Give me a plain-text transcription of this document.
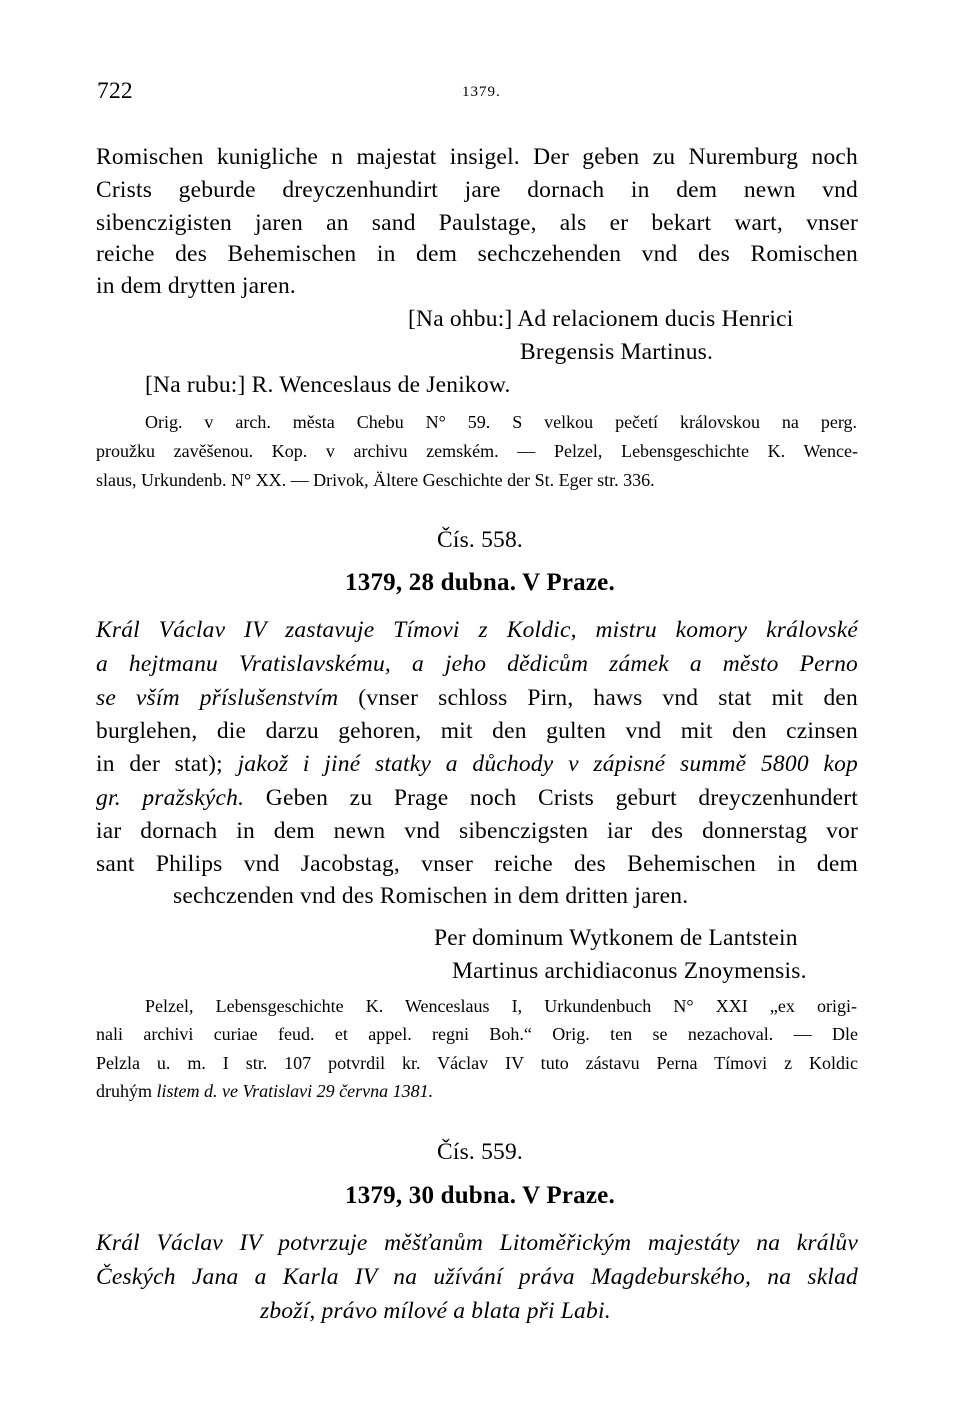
722	1379.
Romischen kunigliche n majestat insigel. Der geben zu Nuremburg noch
Crists geburde dreyczenhundirt jare dornach in dem newn vnd
sibenczigisten jaren an sand Paulstage, als er bekart wart, vnser
reiche des Behemischen in dem sechczehenden vnd des Romischen
in dem drytten jaren.
[Na ohbu:] Ad relacionem ducis Henrici
Bregensis Martinus.
[Na rubu:] R. Wenceslaus de Jenikow.
Orig. v arch. města Chebu N° 59. S velkou pečetí královskou na perg.
proužku zavěšenou. Kop. v archivu zemském. — Pelzel, Lebensgeschichte K. Wence-
slaus, Urkundenb. N° XX. — Drivok, Ältere Geschichte der St. Eger str. 336.
Čís. 558.
1379, 28 dubna. V Praze.
Král Václav IV zastavuje Tímovi z Koldic, mistru komory královské
a hejtmanu Vratislavskému, a jeho dědicům zámek a město Perno
se vším příslušenstvím (vnser schloss Pirn, haws vnd stat mit den
burglehen, die darzu gehoren, mit den gulten vnd mit den czinsen
in der stat); jakož i jiné statky a důchody v zápisné summě 5800 kop
gr. pražských. Geben zu Prage noch Crists geburt dreyczenhundert
iar dornach in dem newn vnd sibenczigsten iar des donnerstag vor
sant Philips vnd Jacobstag, vnser reiche des Behemischen in dem
sechczenden vnd des Romischen in dem dritten jaren.
Per dominum Wytkonem de Lantstein
Martinus archidiaconus Znoymensis.
Pelzel, Lebensgeschichte K. Wenceslaus I, Urkundenbuch N° XXI „ex origi-
nali archivi curiae feud. et appel. regni Boh.“ Orig. ten se nezachoval. — Dle
Pelzla u. m. I str. 107 potvrdil kr. Václav IV tuto zástavu Perna Tímovi z Koldic
druhým listem d. ve Vratislavi 29 června 1381.
Čís. 559.
1379, 30 dubna. V Praze.
Král Václav IV potvrzuje měšťanům Litoměřickým majestáty na králův
Českých Jana a Karla IV na užívání práva Magdeburského, na sklad
zboží, právo mílové a blata při Labi.
